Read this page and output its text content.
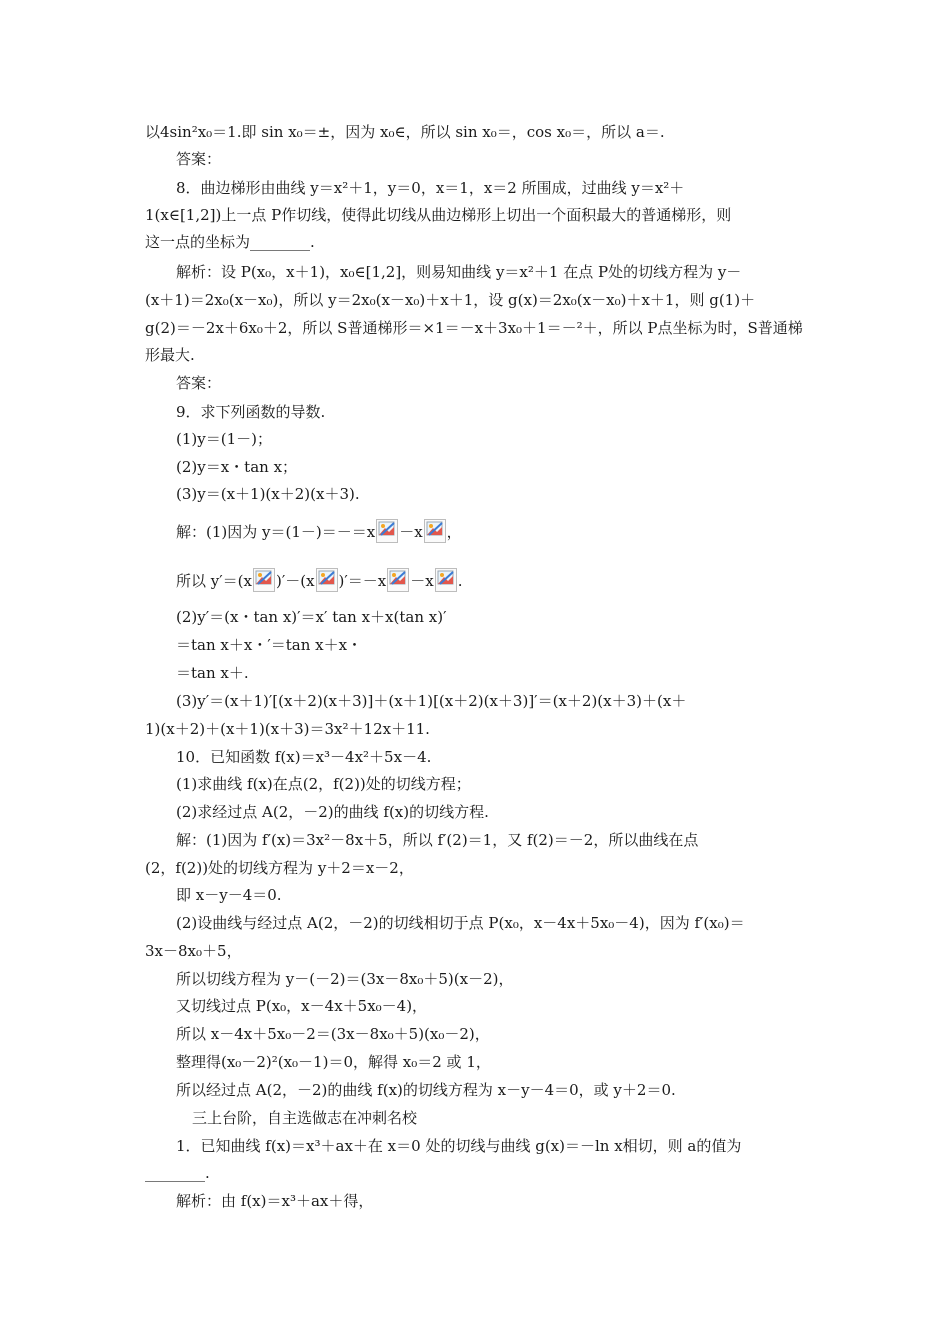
以4sin²x₀＝1.即 sin x₀＝±，因为 x₀∈，所以 sin x₀＝，cos x₀＝，所以 a＝.
答案：
8．曲边梯形由曲线 y＝x²＋1，y＝0，x＝1，x＝2 所围成，过曲线 y＝x²＋
1(x∈[1,2])上一点 P作切线，使得此切线从曲边梯形上切出一个面积最大的普通梯形，则
这一点的坐标为________.
解析：设 P(x₀，x＋1)，x₀∈[1,2]，则易知曲线 y＝x²＋1 在点 P处的切线方程为 y－
(x＋1)＝2x₀(x－x₀)，所以 y＝2x₀(x－x₀)＋x＋1，设 g(x)＝2x₀(x－x₀)＋x＋1，则 g(1)＋
g(2)＝－2x＋6x₀＋2，所以 S普通梯形＝×1＝－x＋3x₀＋1＝－²＋，所以 P点坐标为时，S普通梯
形最大.
答案：
9．求下列函数的导数.
(1)y＝(1－)；
(2)y＝x・tan x；
(3)y＝(x＋1)(x＋2)(x＋3).
解：(1)因为 y＝(1－)＝－＝x －x ，
所以 y′＝(x )′－(x )′＝－x －x .
(2)y′＝(x・tan x)′＝x′ tan x＋x(tan x)′
＝tan x＋x・′＝tan x＋x・
＝tan x＋.
(3)y′＝(x＋1)′[(x＋2)(x＋3)]＋(x＋1)[(x＋2)(x＋3)]′＝(x＋2)(x＋3)＋(x＋
1)(x＋2)＋(x＋1)(x＋3)＝3x²＋12x＋11.
10．已知函数 f(x)＝x³－4x²＋5x－4.
(1)求曲线 f(x)在点(2，f(2))处的切线方程；
(2)求经过点 A(2，－2)的曲线 f(x)的切线方程.
解：(1)因为 f′(x)＝3x²－8x＋5，所以 f′(2)＝1，又 f(2)＝－2，所以曲线在点
(2，f(2))处的切线方程为 y＋2＝x－2，
即 x－y－4＝0.
(2)设曲线与经过点 A(2，－2)的切线相切于点 P(x₀，x－4x＋5x₀－4)，因为 f′(x₀)＝
3x－8x₀＋5，
所以切线方程为 y－(－2)＝(3x－8x₀＋5)(x－2)，
又切线过点 P(x₀，x－4x＋5x₀－4)，
所以 x－4x＋5x₀－2＝(3x－8x₀＋5)(x₀－2)，
整理得(x₀－2)²(x₀－1)＝0，解得 x₀＝2 或 1，
所以经过点 A(2，－2)的曲线 f(x)的切线方程为 x－y－4＝0，或 y＋2＝0.
三上台阶，自主选做志在冲刺名校
1．已知曲线 f(x)＝x³＋ax＋在 x＝0 处的切线与曲线 g(x)＝－ln x相切，则 a的值为
________.
解析：由 f(x)＝x³＋ax＋得，
